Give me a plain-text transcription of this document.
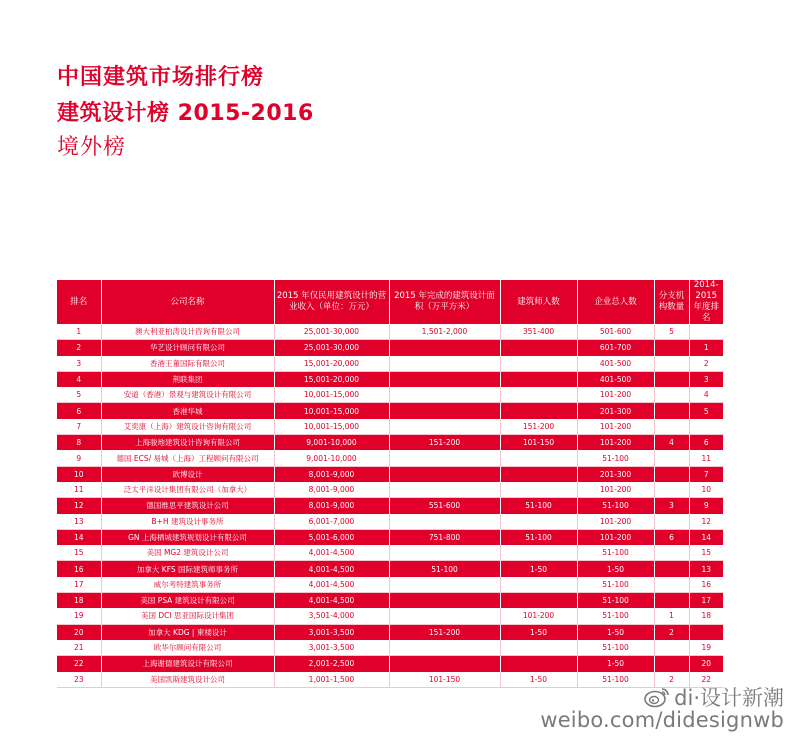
中国建筑市场排行榜
建筑设计榜 2015-2016
境外榜
排名	公司名称	2015 年仅民用建筑设计的营业收入（单位：万元）	2015 年完成的建筑设计面积（万平方米）	建筑师人数	企业总人数	分支机构数量	2014-2015 年度排名
1	澳大利亚柏涛设计咨询有限公司	25,001-30,000	1,501-2,000	351-400	501-600	5	
2	华艺设计顾问有限公司	25,001-30,000			601-700		1
3	香港王董国际有限公司	15,001-20,000			401-500		2
4	荆联集团	15,001-20,000			401-500		3
5	安道（香港）景观与建筑设计有限公司	10,001-15,000			101-200		4
6	香港华城	10,001-15,000			201-300		5
7	艾奕康（上海）建筑设计咨询有限公司	10,001-15,000		151-200	101-200		
8	上海骏地建筑设计咨询有限公司	9,001-10,000	151-200	101-150	101-200	4	6
9	德国 ECS/ 易城（上海）工程顾问有限公司	9,001-10,000			51-100		11
10	欧博设计	8,001-9,000			201-300		7
11	泛太平洋设计集团有限公司（加拿大）	8,001-9,000			101-200		10
12	德国维思平建筑设计公司	8,001-9,000	551-600	51-100	51-100	3	9
13	B+H 建筑设计事务所	6,001-7,000			101-200		12
14	GN 上海栖城建筑规划设计有限公司	5,001-6,000	751-800	51-100	101-200	6	14
15	美国 MG2 建筑设计公司	4,001-4,500			51-100		15
16	加拿大 KFS 国际建筑师事务所	4,001-4,500	51-100	1-50	1-50		13
17	威尔考特建筑事务所	4,001-4,500			51-100		16
18	美国 PSA 建筑设计有限公司	4,001-4,500			51-100		17
19	美国 DCI 思亚国际设计集团	3,501-4,000		101-200	51-100	1	18
20	加拿大 KDG | 柬楼设计	3,001-3,500	151-200	1-50	1-50	2	
21	欧华尔顾问有限公司	3,001-3,500			51-100		19
22	上海谢德建筑设计有限公司	2,001-2,500			1-50		20
23	美国凯斯建筑设计公司	1,001-1,500	101-150	1-50	51-100	2	22
di·设计新潮
weibo.com/didesignwb
